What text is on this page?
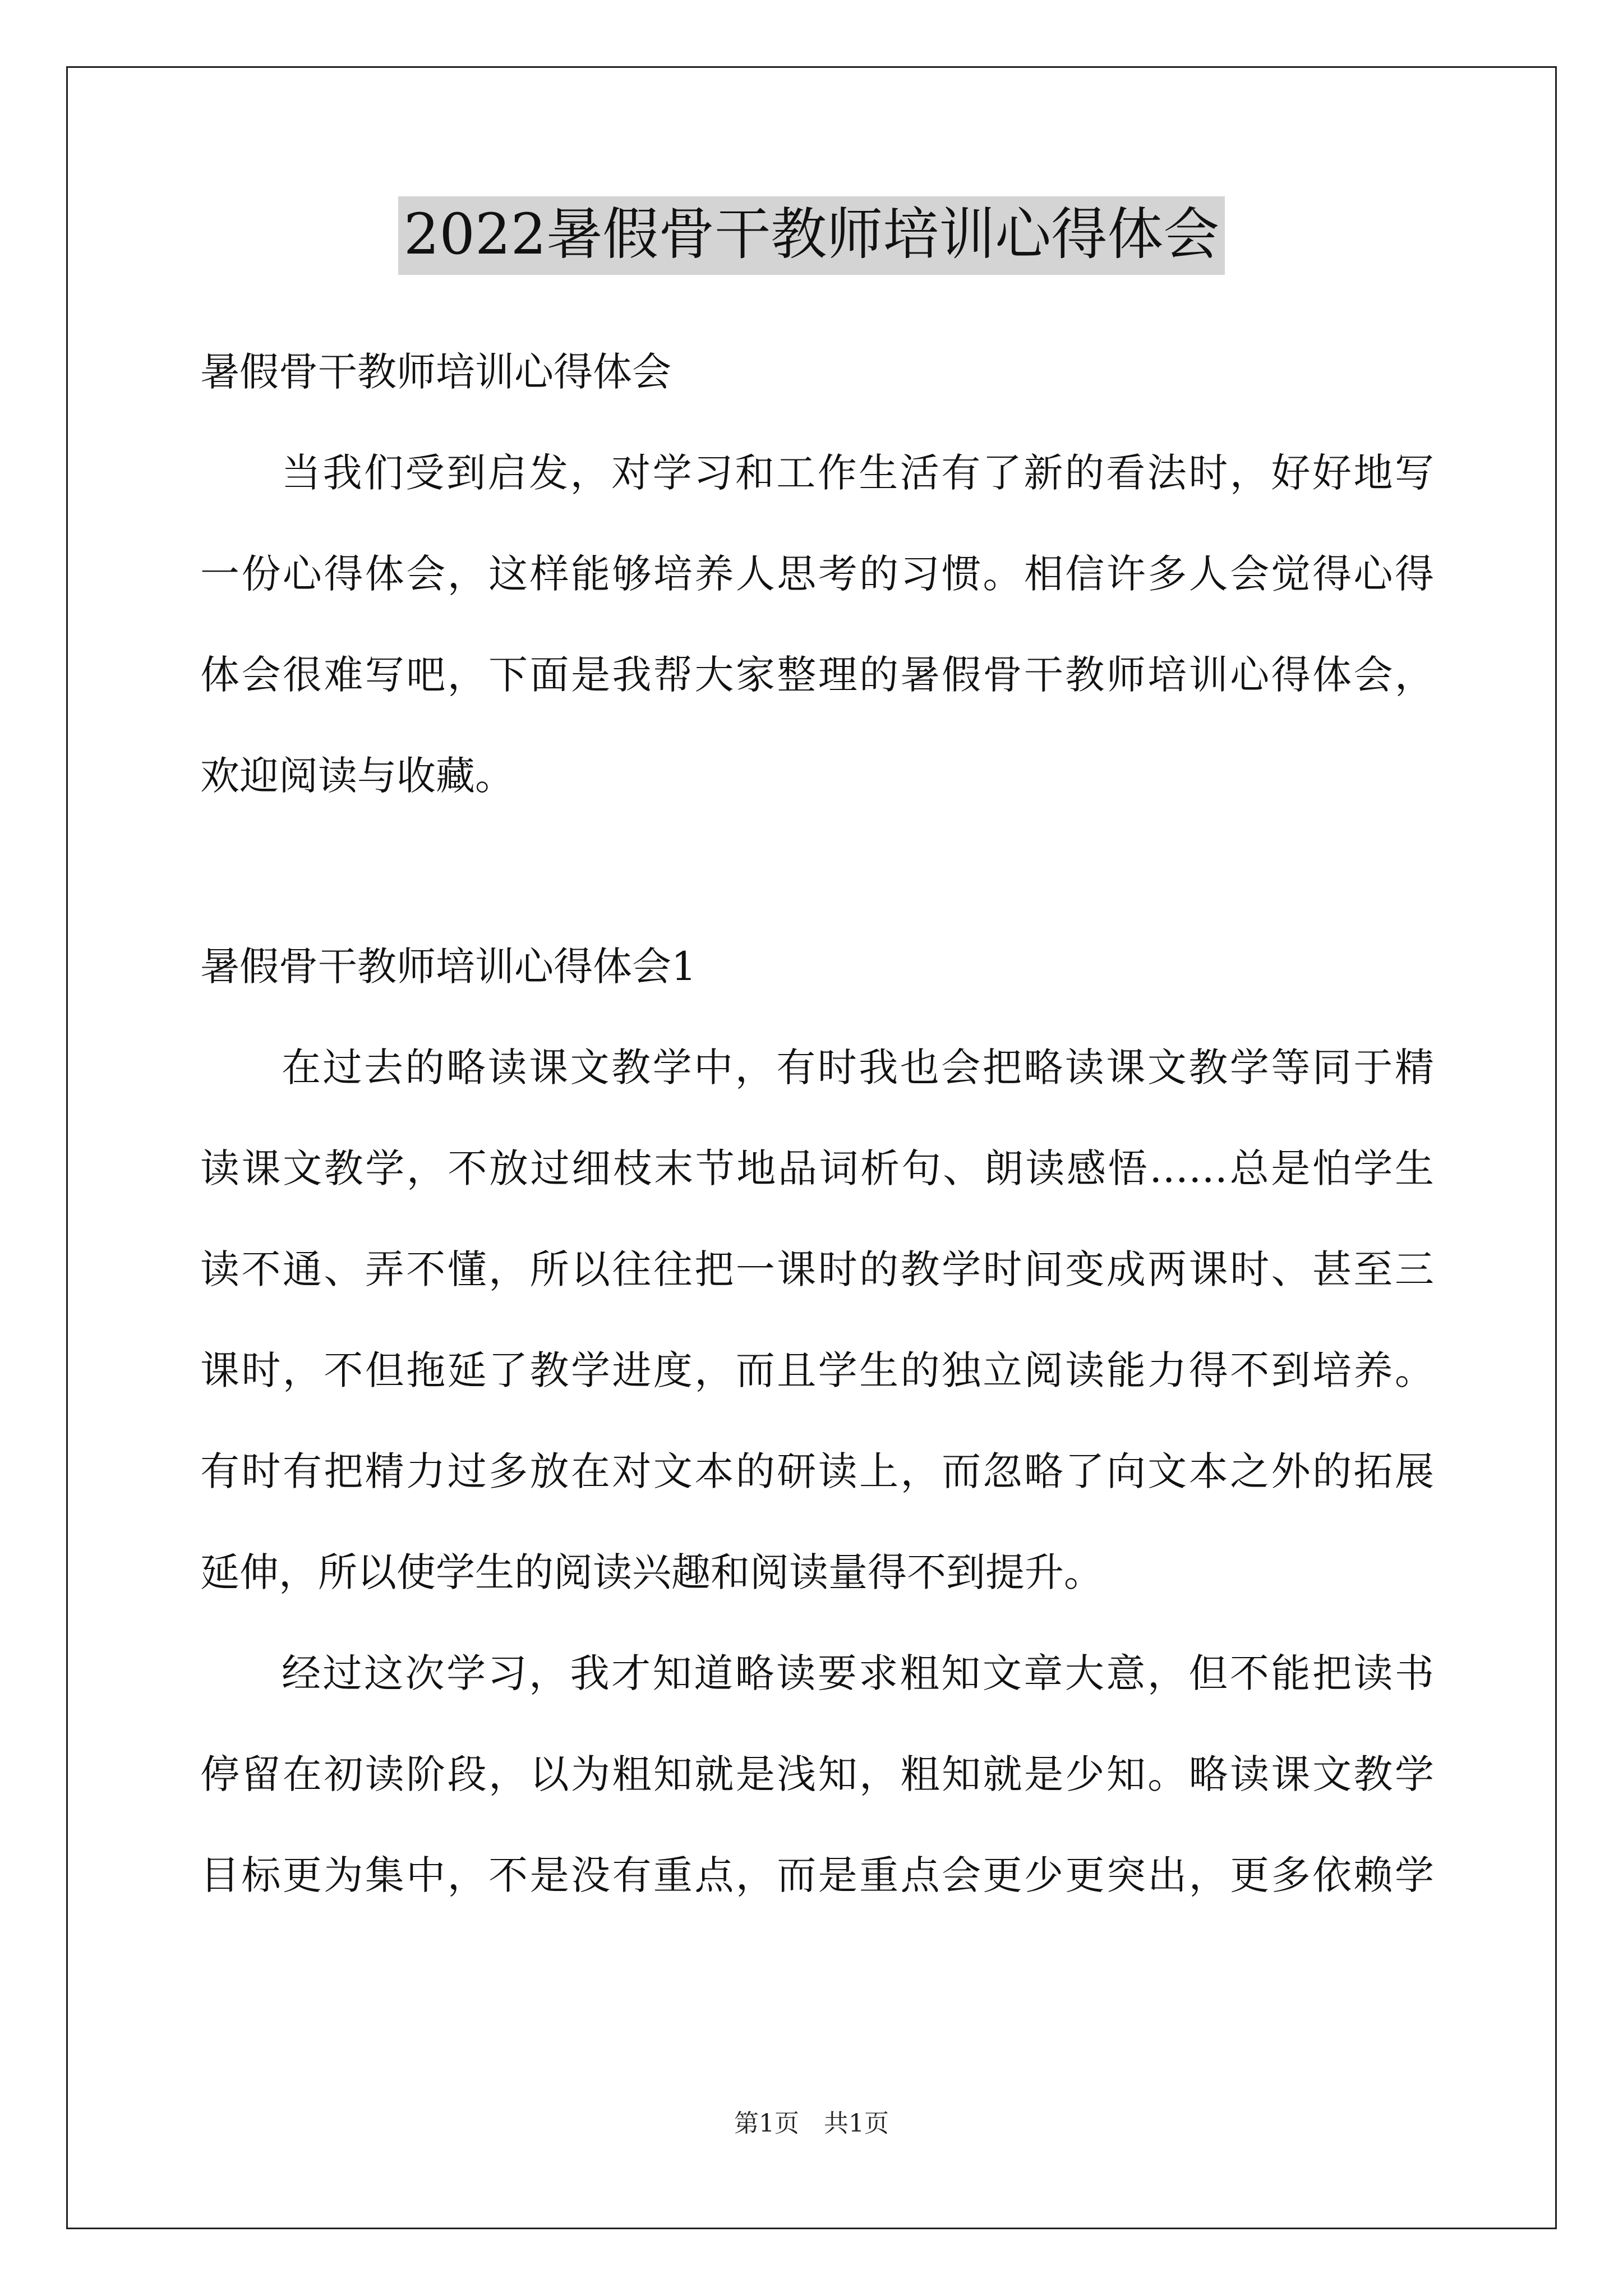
2022暑假骨干教师培训心得体会

暑假骨干教师培训心得体会

当我们受到启发，对学习和工作生活有了新的看法时，好好地写

一份心得体会，这样能够培养人思考的习惯。相信许多人会觉得心得

体会很难写吧，下面是我帮大家整理的暑假骨干教师培训心得体会，

欢迎阅读与收藏。

暑假骨干教师培训心得体会1

在过去的略读课文教学中，有时我也会把略读课文教学等同于精

读课文教学，不放过细枝末节地品词析句、朗读感悟……总是怕学生

读不通、弄不懂，所以往往把一课时的教学时间变成两课时、甚至三

课时，不但拖延了教学进度，而且学生的独立阅读能力得不到培养。

有时有把精力过多放在对文本的研读上，而忽略了向文本之外的拓展

延伸，所以使学生的阅读兴趣和阅读量得不到提升。

经过这次学习，我才知道略读要求粗知文章大意，但不能把读书

停留在初读阶段，以为粗知就是浅知，粗知就是少知。略读课文教学

目标更为集中，不是没有重点，而是重点会更少更突出，更多依赖学

第1页　共1页
